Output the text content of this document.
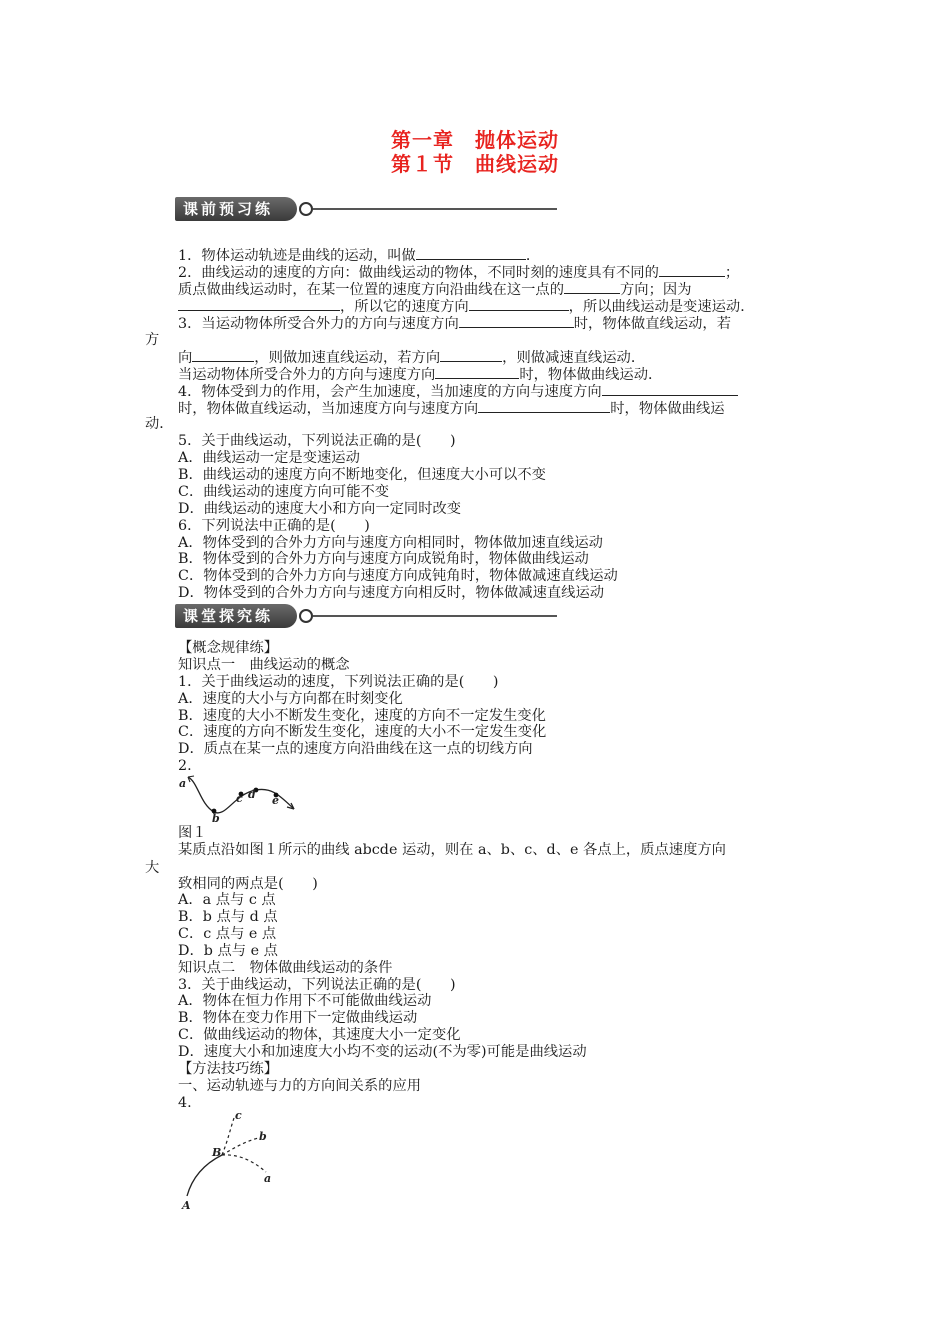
第一章　抛体运动
第１节　曲线运动
课前预习练
1．物体运动轨迹是曲线的运动，叫做	．
2．曲线运动的速度的方向：做曲线运动的物体，不同时刻的速度具有不同的	；
质点做曲线运动时，在某一位置的速度方向沿曲线在这一点的	方向；因为
，所以它的速度方向	，所以曲线运动是变速运动．
3．当运动物体所受合外力的方向与速度方向	时，物体做直线运动，若
方
向	，则做加速直线运动，若方向	，则做减速直线运动．
当运动物体所受合外力的方向与速度方向	时，物体做曲线运动．
4．物体受到力的作用，会产生加速度，当加速度的方向与速度方向
时，物体做直线运动，当加速度方向与速度方向	时，物体做曲线运
动．
5．关于曲线运动，下列说法正确的是(　　)
A．曲线运动一定是变速运动
B．曲线运动的速度方向不断地变化，但速度大小可以不变
C．曲线运动的速度方向可能不变
D．曲线运动的速度大小和方向一定同时改变
6．下列说法中正确的是(　　)
A．物体受到的合外力方向与速度方向相同时，物体做加速直线运动
B．物体受到的合外力方向与速度方向成锐角时，物体做曲线运动
C．物体受到的合外力方向与速度方向成钝角时，物体做减速直线运动
D．物体受到的合外力方向与速度方向相反时，物体做减速直线运动
课堂探究练
【概念规律练】
知识点一　曲线运动的概念
1．关于曲线运动的速度，下列说法正确的是(　　)
A．速度的大小与方向都在时刻变化
B．速度的大小不断发生变化，速度的方向不一定发生变化
C．速度的方向不断发生变化，速度的大小不一定发生变化
D．质点在某一点的速度方向沿曲线在这一点的切线方向
2.
a
b
c d e
图１
某质点沿如图１所示的曲线 abcde 运动，则在 a、b、c、d、e 各点上，质点速度方向
大
致相同的两点是(　　)
A．a 点与 c 点
B．b 点与 d 点
C．c 点与 e 点
D．b 点与 e 点
知识点二　物体做曲线运动的条件
3．关于曲线运动，下列说法正确的是(　　)
A．物体在恒力作用下不可能做曲线运动
B．物体在变力作用下一定做曲线运动
C．做曲线运动的物体，其速度大小一定变化
D．速度大小和加速度大小均不变的运动(不为零)可能是曲线运动
【方法技巧练】
一、运动轨迹与力的方向间关系的应用
4.
A
B
a
b
c
